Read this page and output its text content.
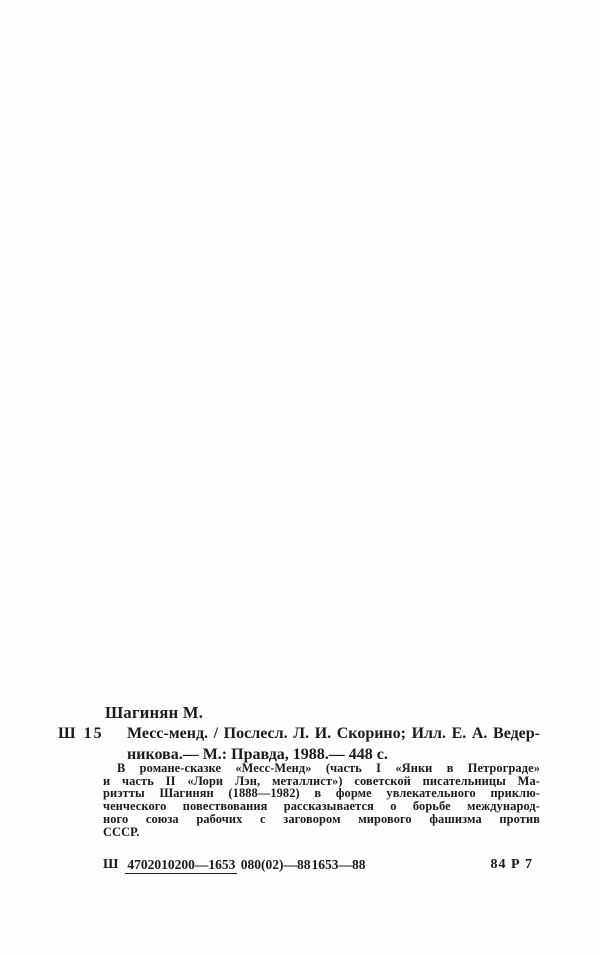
Шагинян М.
Ш 15 Месс-менд. / Послесл. Л. И. Скорино; Илл. Е. А. Ведер-
никова.— М.: Правда, 1988.— 448 с.
В романе-сказке «Месс-Менд» (часть I «Янки в Петрограде»
и часть II «Лори Лэн, металлист») советской писательницы Ма-
риэтты Шагинян (1888—1982) в форме увлекательного приклю-
ченческого повествования рассказывается о борьбе международ-
ного союза рабочих с заговором мирового фашизма против
СССР.
Ш 4702010200—1653 080(02)—88 1653—88	84 Р 7
